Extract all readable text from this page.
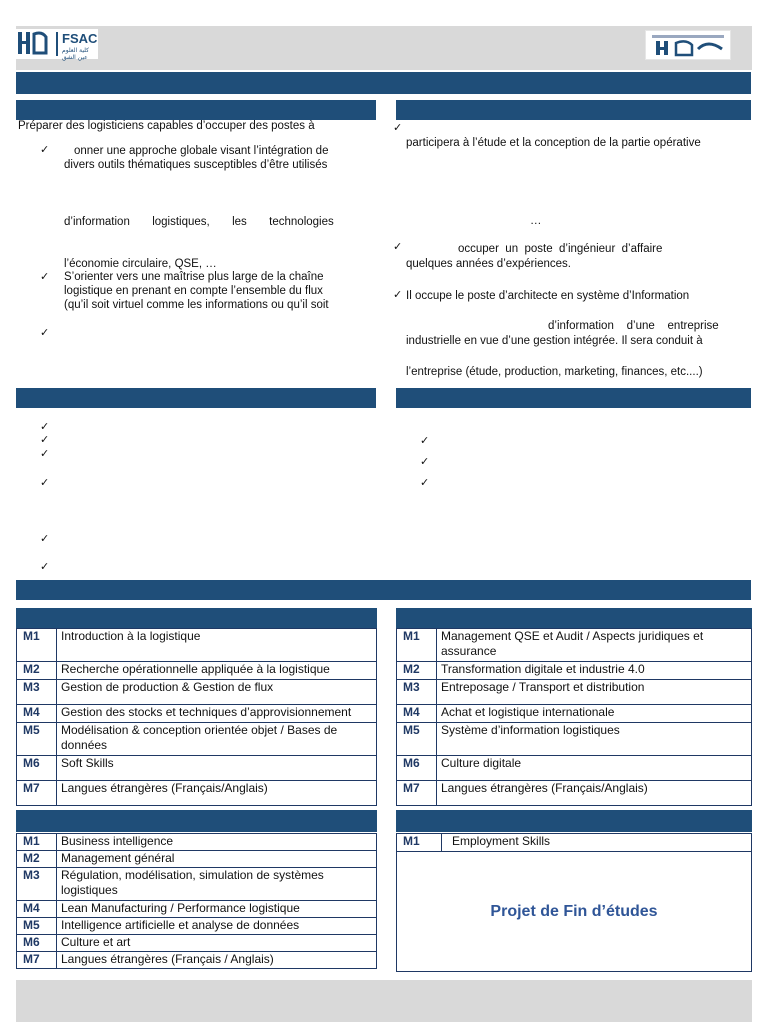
FSAC
كلية العلوم عين الشق
Préparer des logisticiens capables d’occuper des postes à
✓ onner une approche globale visant l’intégration de
divers outils thématiques susceptibles d’être utilisés
d’information       logistiques,       les       technologies
l’économie circulaire, QSE, …
✓ S’orienter vers une maîtrise plus large de la chaîne
logistique en prenant en compte l’ensemble du flux
(qu’il soit virtuel comme les informations ou qu’il soit
✓
✓
participera à l’étude et la conception de la partie opérative
…
✓	occuper  un  poste  d’ingénieur  d’affaire
quelques années d’expériences.
✓ Il occupe le poste d’architecte en système d’Information
d’information    d’une    entreprise
industrielle en vue d’une gestion intégrée. Il sera conduit à
l’entreprise (étude, production, marketing, finances, etc....)
✓
✓
✓
✓
✓
✓
✓
✓
✓
M1	Introduction à la logistique
M2	Recherche opérationnelle appliquée à la logistique
M3	Gestion de production & Gestion de flux
M4	Gestion des stocks et techniques d’approvisionnement
M5	Modélisation & conception orientée objet / Bases de données
M6	Soft Skills
M7	Langues étrangères (Français/Anglais)
M1	Management QSE et Audit / Aspects juridiques et assurance
M2	Transformation digitale et industrie 4.0
M3	Entreposage / Transport et distribution
M4	Achat et logistique internationale
M5	Système d’information logistiques
M6	Culture digitale
M7	Langues étrangères (Français/Anglais)
M1	Business intelligence
M2	Management général
M3	Régulation, modélisation, simulation de systèmes logistiques
M4	Lean Manufacturing / Performance logistique
M5	Intelligence artificielle et analyse de données
M6	Culture et art
M7	Langues étrangères (Français / Anglais)
M1	Employment Skills
Projet de Fin d’études
